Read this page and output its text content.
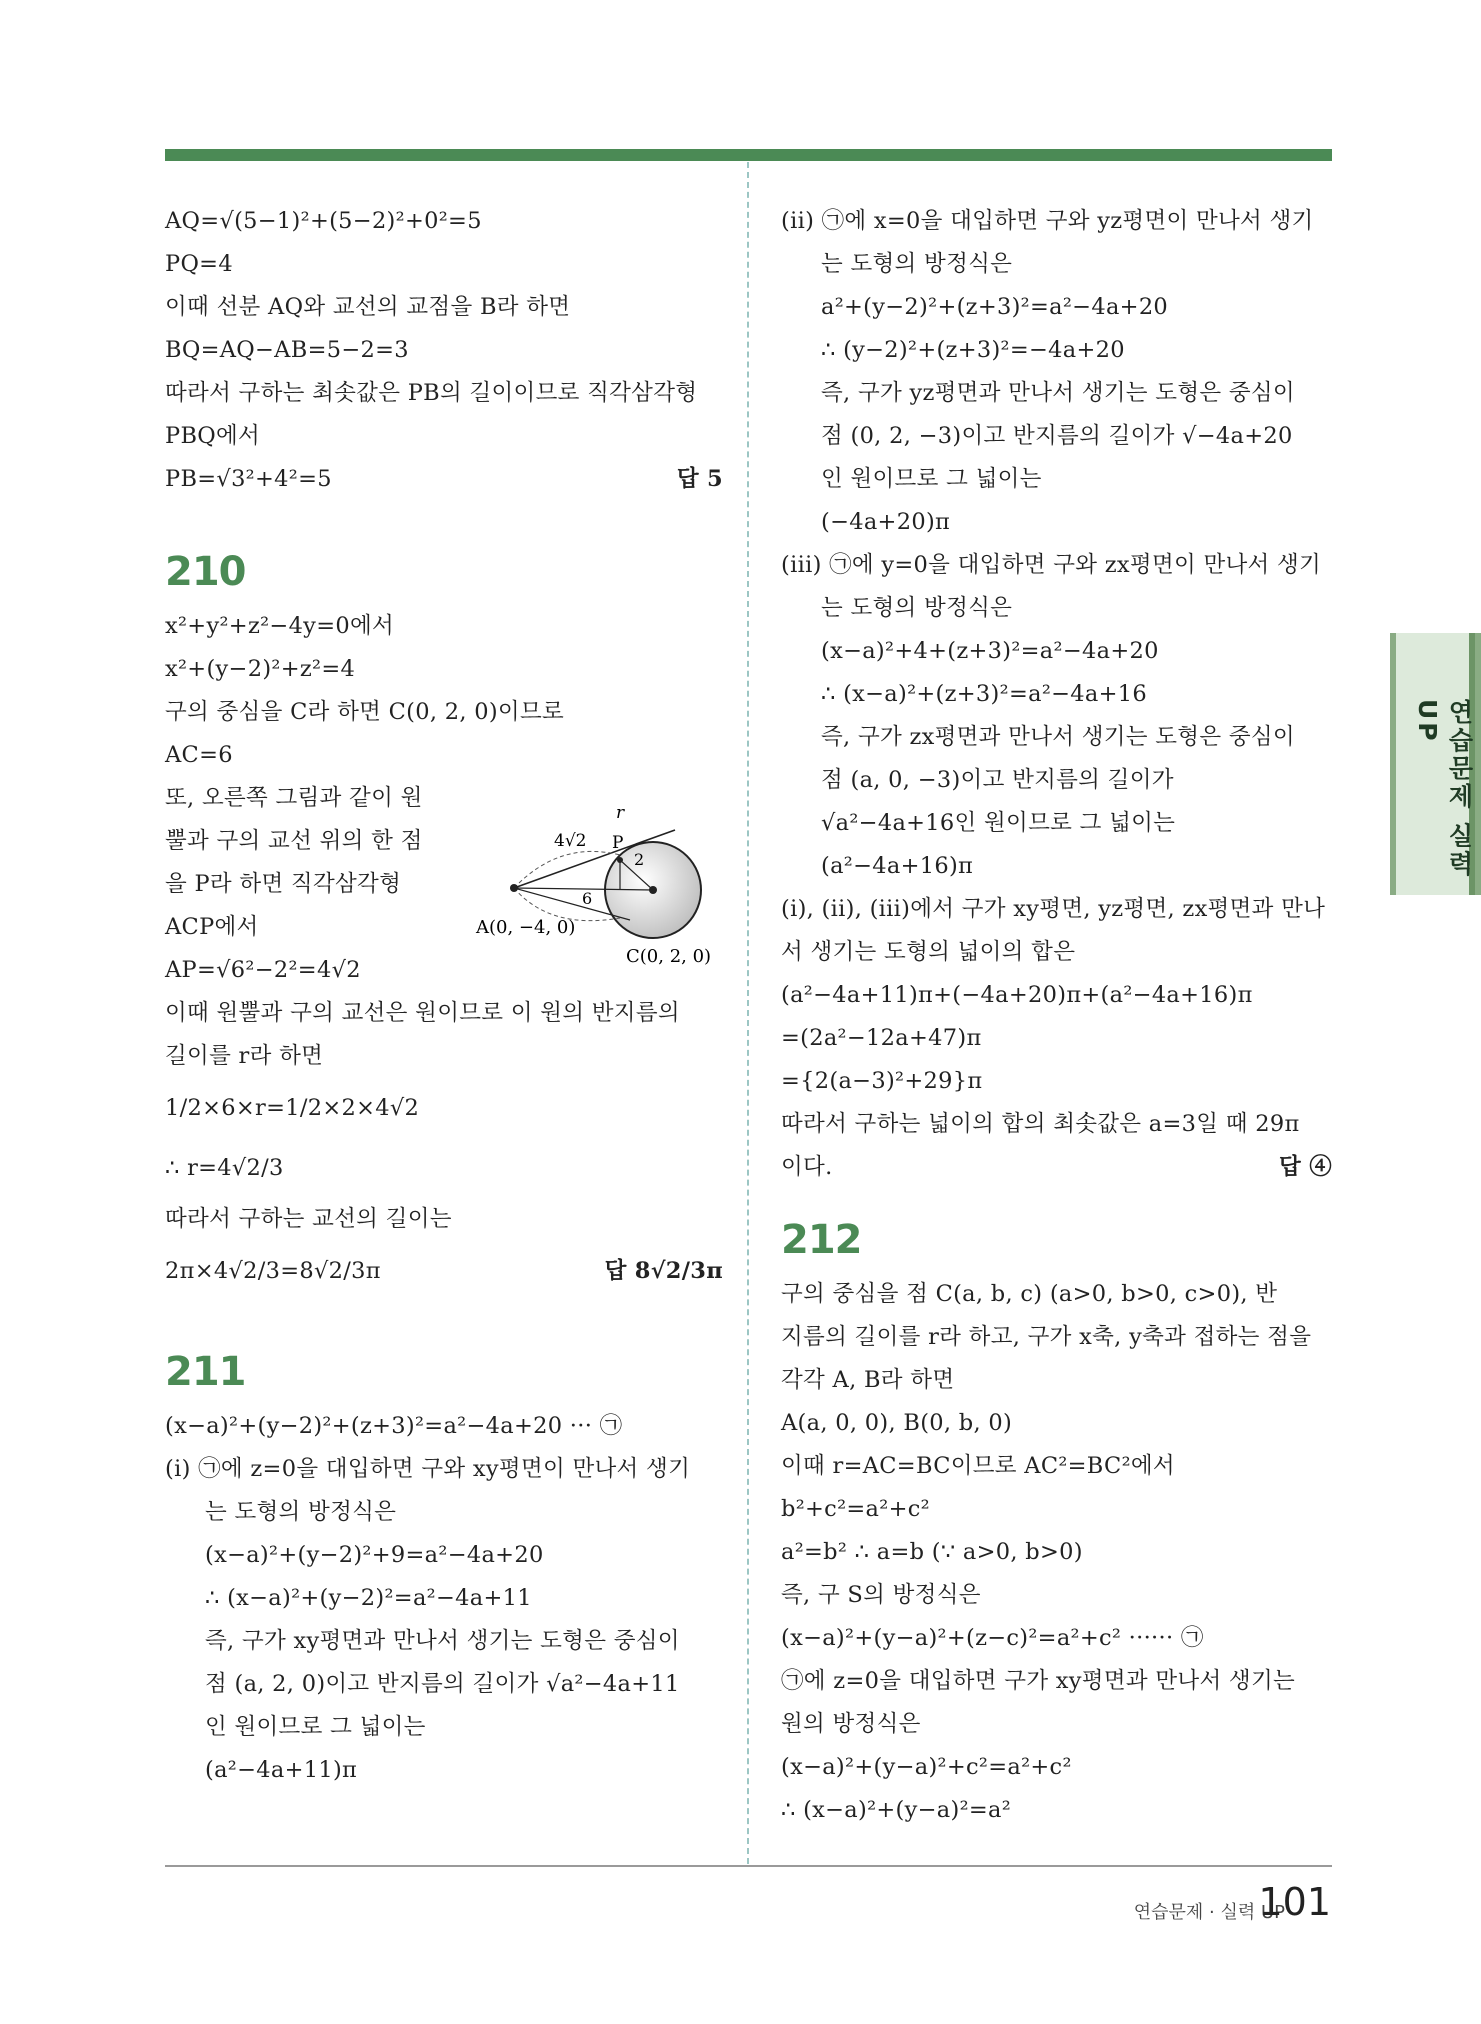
AQ=√(5−1)²+(5−2)²+0²=5
PQ=4
이때 선분 AQ와 교선의 교점을 B라 하면
BQ=AQ−AB=5−2=3
따라서 구하는 최솟값은 PB의 길이이므로 직각삼각형
PBQ에서
PB=√3²+4²=5	답 5
210
x²+y²+z²−4y=0에서
x²+(y−2)²+z²=4
구의 중심을 C라 하면 C(0, 2, 0)이므로
AC=6
또, 오른쪽 그림과 같이 원
뿔과 구의 교선 위의 한 점
을 P라 하면 직각삼각형
ACP에서
AP=√6²−2²=4√2
이때 원뿔과 구의 교선은 원이므로 이 원의 반지름의
길이를 r라 하면
1/2×6×r=1/2×2×4√2
∴ r=4√2/3
따라서 구하는 교선의 길이는
2π×4√2/3=8√2/3π	답 8√2/3π
211
(x−a)²+(y−2)²+(z+3)²=a²−4a+20 ··· ㉠
(i) ㉠에 z=0을 대입하면 구와 xy평면이 만나서 생기
는 도형의 방정식은
(x−a)²+(y−2)²+9=a²−4a+20
∴ (x−a)²+(y−2)²=a²−4a+11
즉, 구가 xy평면과 만나서 생기는 도형은 중심이
점 (a, 2, 0)이고 반지름의 길이가 √a²−4a+11
인 원이므로 그 넓이는
(a²−4a+11)π
4√2 P
r
2
6
A(0, −4, 0)
C(0, 2, 0)
(ii) ㉠에 x=0을 대입하면 구와 yz평면이 만나서 생기
는 도형의 방정식은
a²+(y−2)²+(z+3)²=a²−4a+20
∴ (y−2)²+(z+3)²=−4a+20
즉, 구가 yz평면과 만나서 생기는 도형은 중심이
점 (0, 2, −3)이고 반지름의 길이가 √−4a+20
인 원이므로 그 넓이는
(−4a+20)π
(iii) ㉠에 y=0을 대입하면 구와 zx평면이 만나서 생기
는 도형의 방정식은
(x−a)²+4+(z+3)²=a²−4a+20
∴ (x−a)²+(z+3)²=a²−4a+16
즉, 구가 zx평면과 만나서 생기는 도형은 중심이
점 (a, 0, −3)이고 반지름의 길이가
√a²−4a+16인 원이므로 그 넓이는
(a²−4a+16)π
(i), (ii), (iii)에서 구가 xy평면, yz평면, zx평면과 만나
서 생기는 도형의 넓이의 합은
(a²−4a+11)π+(−4a+20)π+(a²−4a+16)π
=(2a²−12a+47)π
={2(a−3)²+29}π
따라서 구하는 넓이의 합의 최솟값은 a=3일 때 29π
이다.	답 ④
212
구의 중심을 점 C(a, b, c) (a>0, b>0, c>0), 반
지름의 길이를 r라 하고, 구가 x축, y축과 접하는 점을
각각 A, B라 하면
A(a, 0, 0), B(0, b, 0)
이때 r=AC=BC이므로 AC²=BC²에서
b²+c²=a²+c²
a²=b² ∴ a=b (∵ a>0, b>0)
즉, 구 S의 방정식은
(x−a)²+(y−a)²+(z−c)²=a²+c² ······ ㉠
㉠에 z=0을 대입하면 구가 xy평면과 만나서 생기는
원의 방정식은
(x−a)²+(y−a)²+c²=a²+c²
∴ (x−a)²+(y−a)²=a²
연습문제 실력UP
연습문제 · 실력 UP
101
